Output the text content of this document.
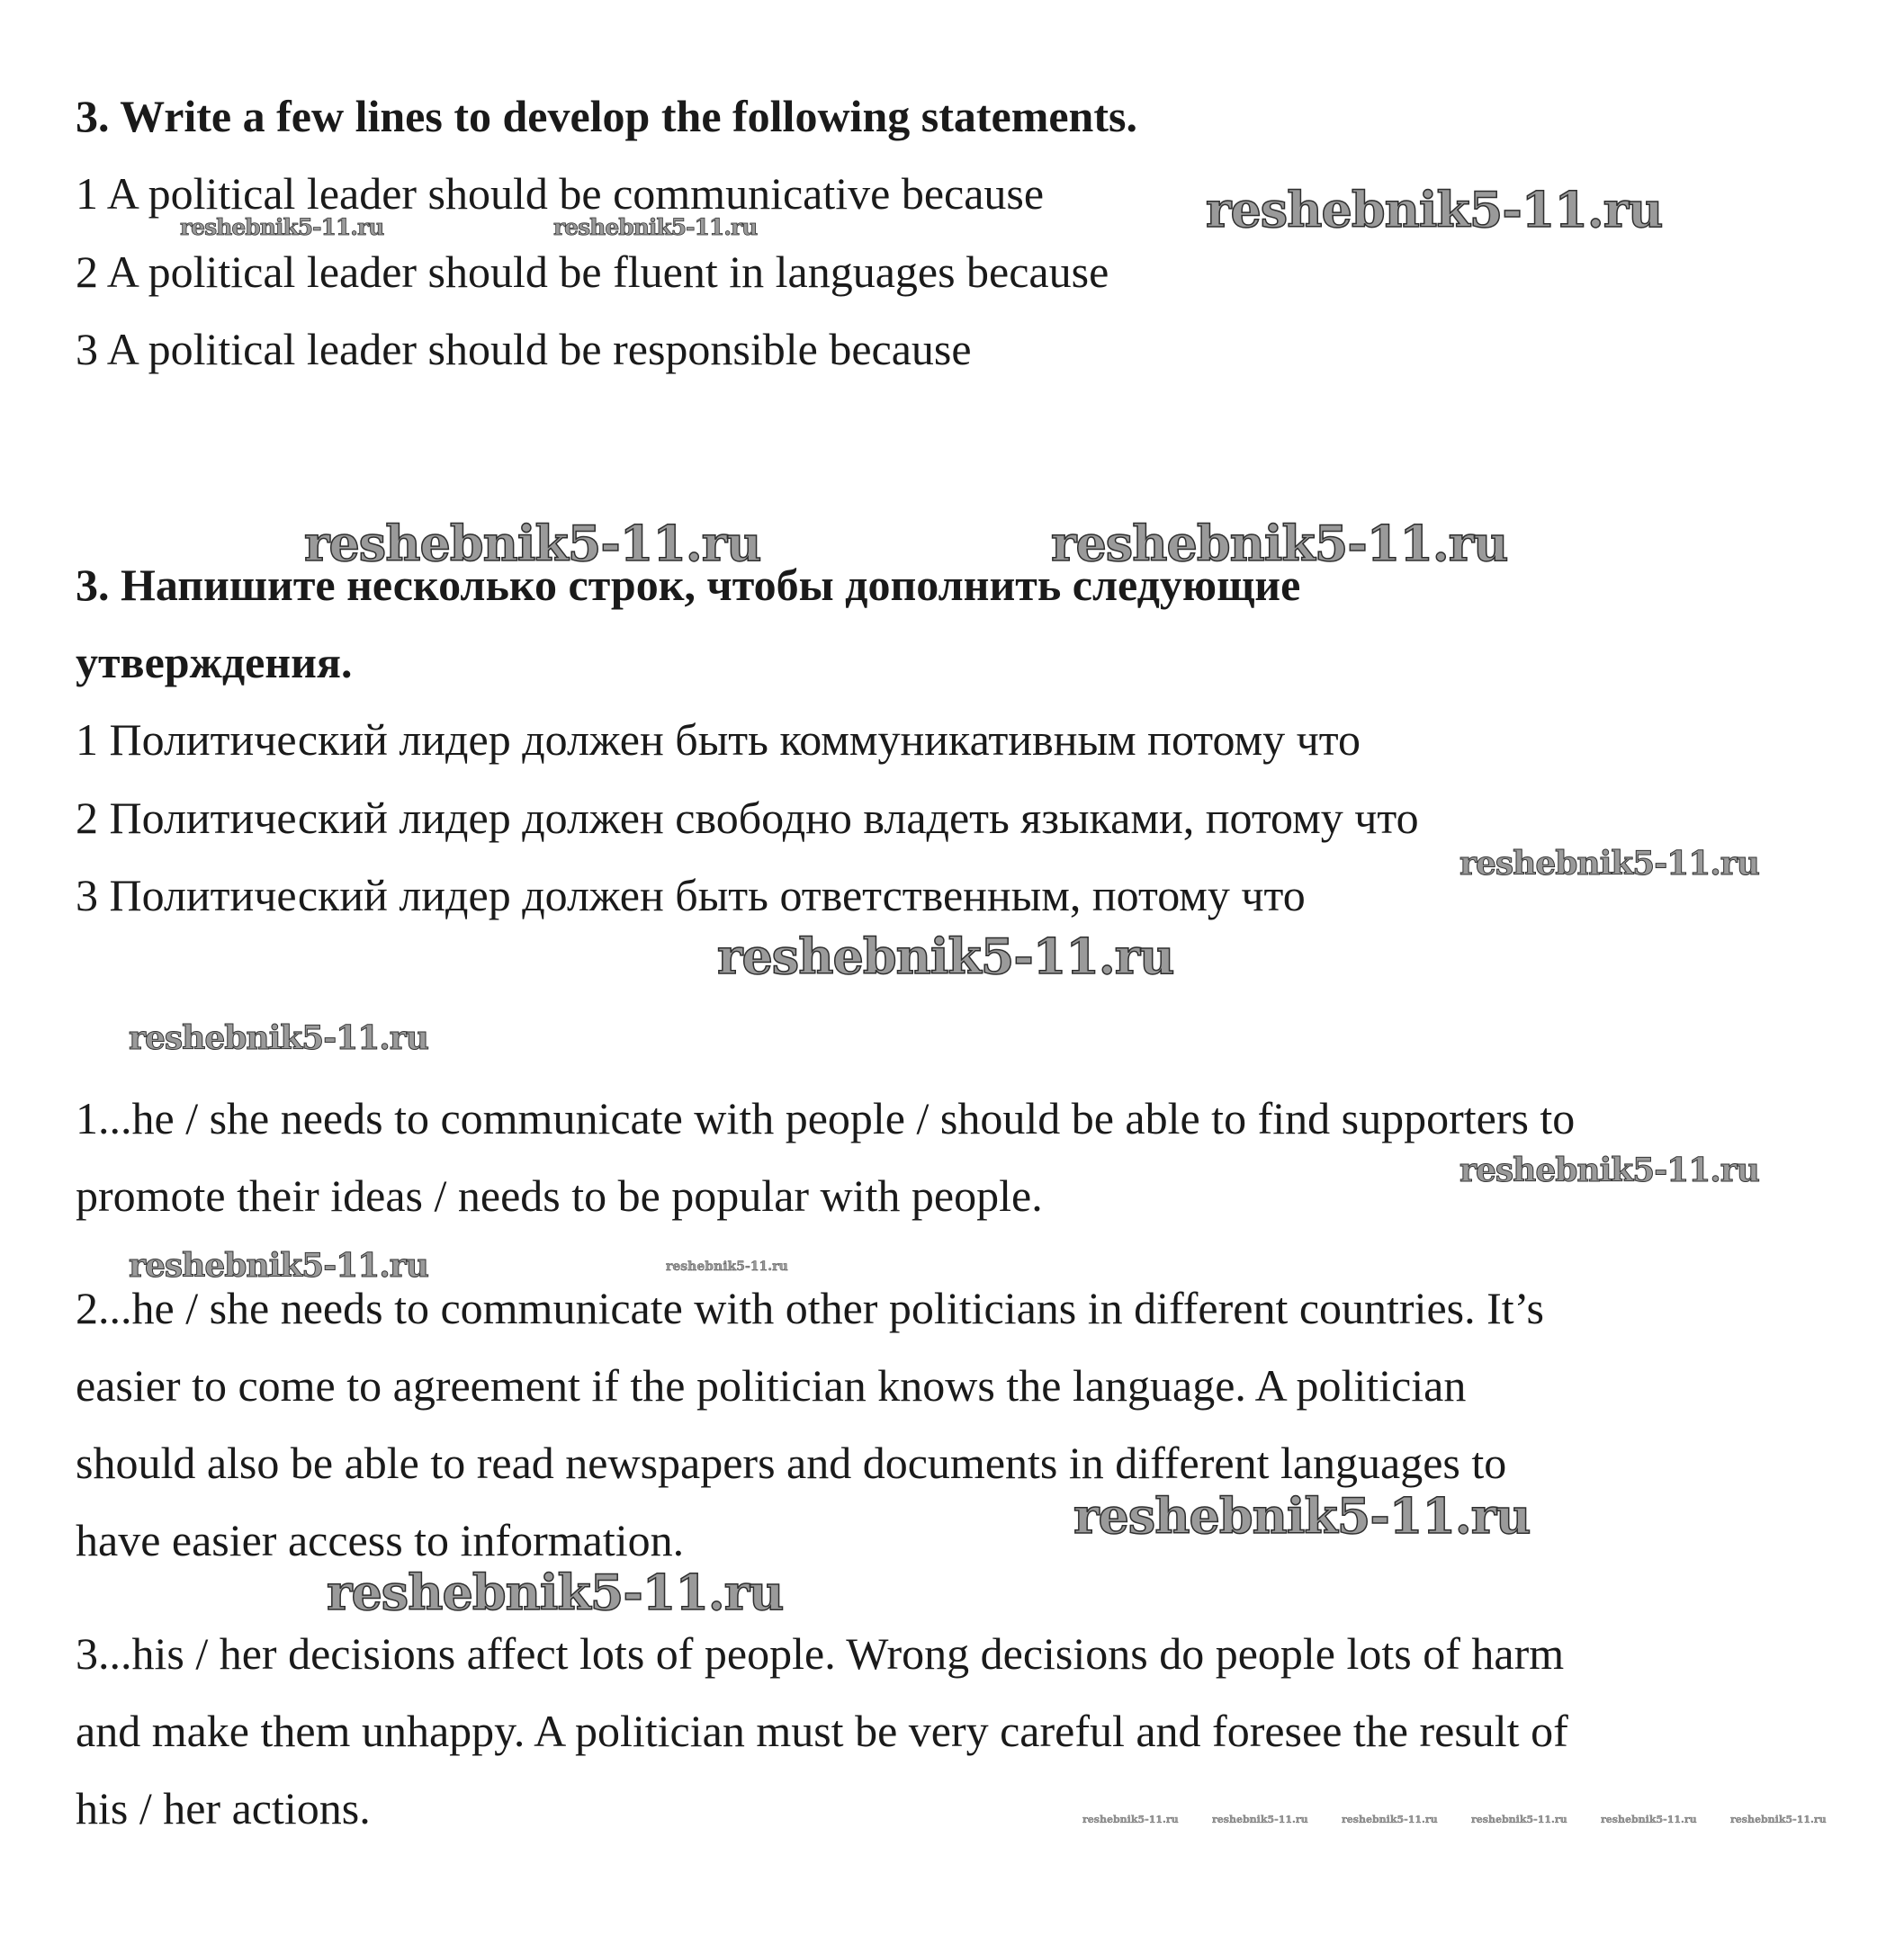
3. Write a few lines to develop the following statements.
1 A political leader should be communicative because
2 A political leader should be fluent in languages because
3 A political leader should be responsible because
3. Напишите несколько строк, чтобы дополнить следующие
утверждения.
1 Политический лидер должен быть коммуникативным потому что
2 Политический лидер должен свободно владеть языками, потому что
3 Политический лидер должен быть ответственным, потому что
1...he / she needs to communicate with people / should be able to find supporters to
promote their ideas / needs to be popular with people.
2...he / she needs to communicate with other politicians in different countries. It’s
easier to come to agreement if the politician knows the language. A politician
should also be able to read newspapers and documents in different languages to
have easier access to information.
3...his / her decisions affect lots of people. Wrong decisions do people lots of harm
and make them unhappy. A politician must be very careful and foresee the result of
his / her actions.
reshebnik5-11.ru
reshebnik5-11.ru	reshebnik5-11.ru
reshebnik5-11.ru	reshebnik5-11.ru
reshebnik5-11.ru
reshebnik5-11.ru
reshebnik5-11.ru
reshebnik5-11.ru
reshebnik5-11.ru	reshebnik5-11.ru
reshebnik5-11.ru
reshebnik5-11.ru
reshebnik5-11.ru	reshebnik5-11.ru	reshebnik5-11.ru	reshebnik5-11.ru	reshebnik5-11.ru	reshebnik5-11.ru
